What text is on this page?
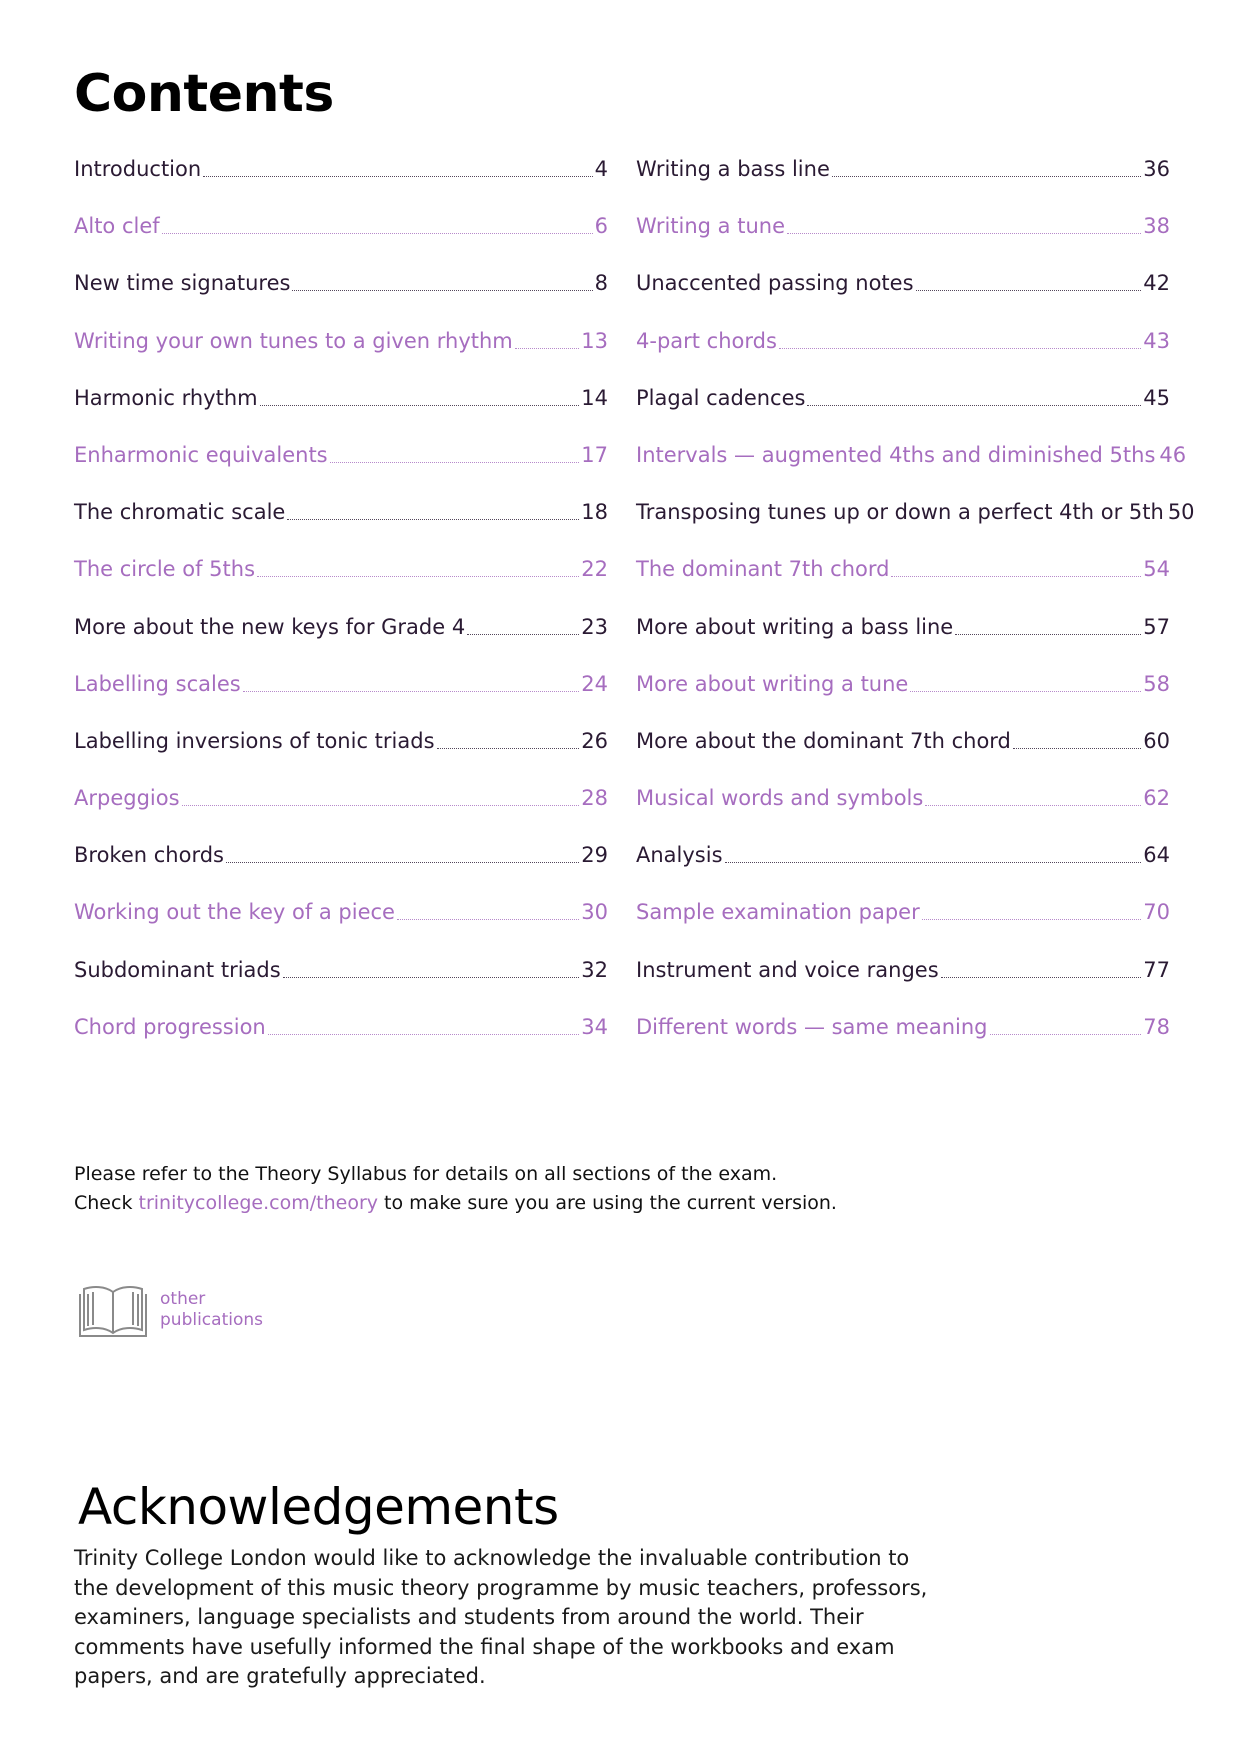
Contents
Introduction	4
Alto clef	6
New time signatures	8
Writing your own tunes to a given rhythm	13
Harmonic rhythm	14
Enharmonic equivalents	17
The chromatic scale	18
The circle of 5ths	22
More about the new keys for Grade 4	23
Labelling scales	24
Labelling inversions of tonic triads	26
Arpeggios	28
Broken chords	29
Working out the key of a piece	30
Subdominant triads	32
Chord progression	34
Writing a bass line	36
Writing a tune	38
Unaccented passing notes	42
4-part chords	43
Plagal cadences	45
Intervals — augmented 4ths and diminished 5ths 46
Transposing tunes up or down a perfect 4th or 5th 50
The dominant 7th chord	54
More about writing a bass line	57
More about writing a tune	58
More about the dominant 7th chord	60
Musical words and symbols	62
Analysis	64
Sample examination paper	70
Instrument and voice ranges	77
Different words — same meaning	78

Please refer to the Theory Syllabus for details on all sections of the exam.

Check trinitycollege.com/theory to make sure you are using the current version.

other
publications
Acknowledgements

Trinity College London would like to acknowledge the invaluable contribution to the development of this music theory programme by music teachers, professors, examiners, language specialists and students from around the world. Their comments have usefully informed the final shape of the workbooks and exam papers, and are gratefully appreciated.
